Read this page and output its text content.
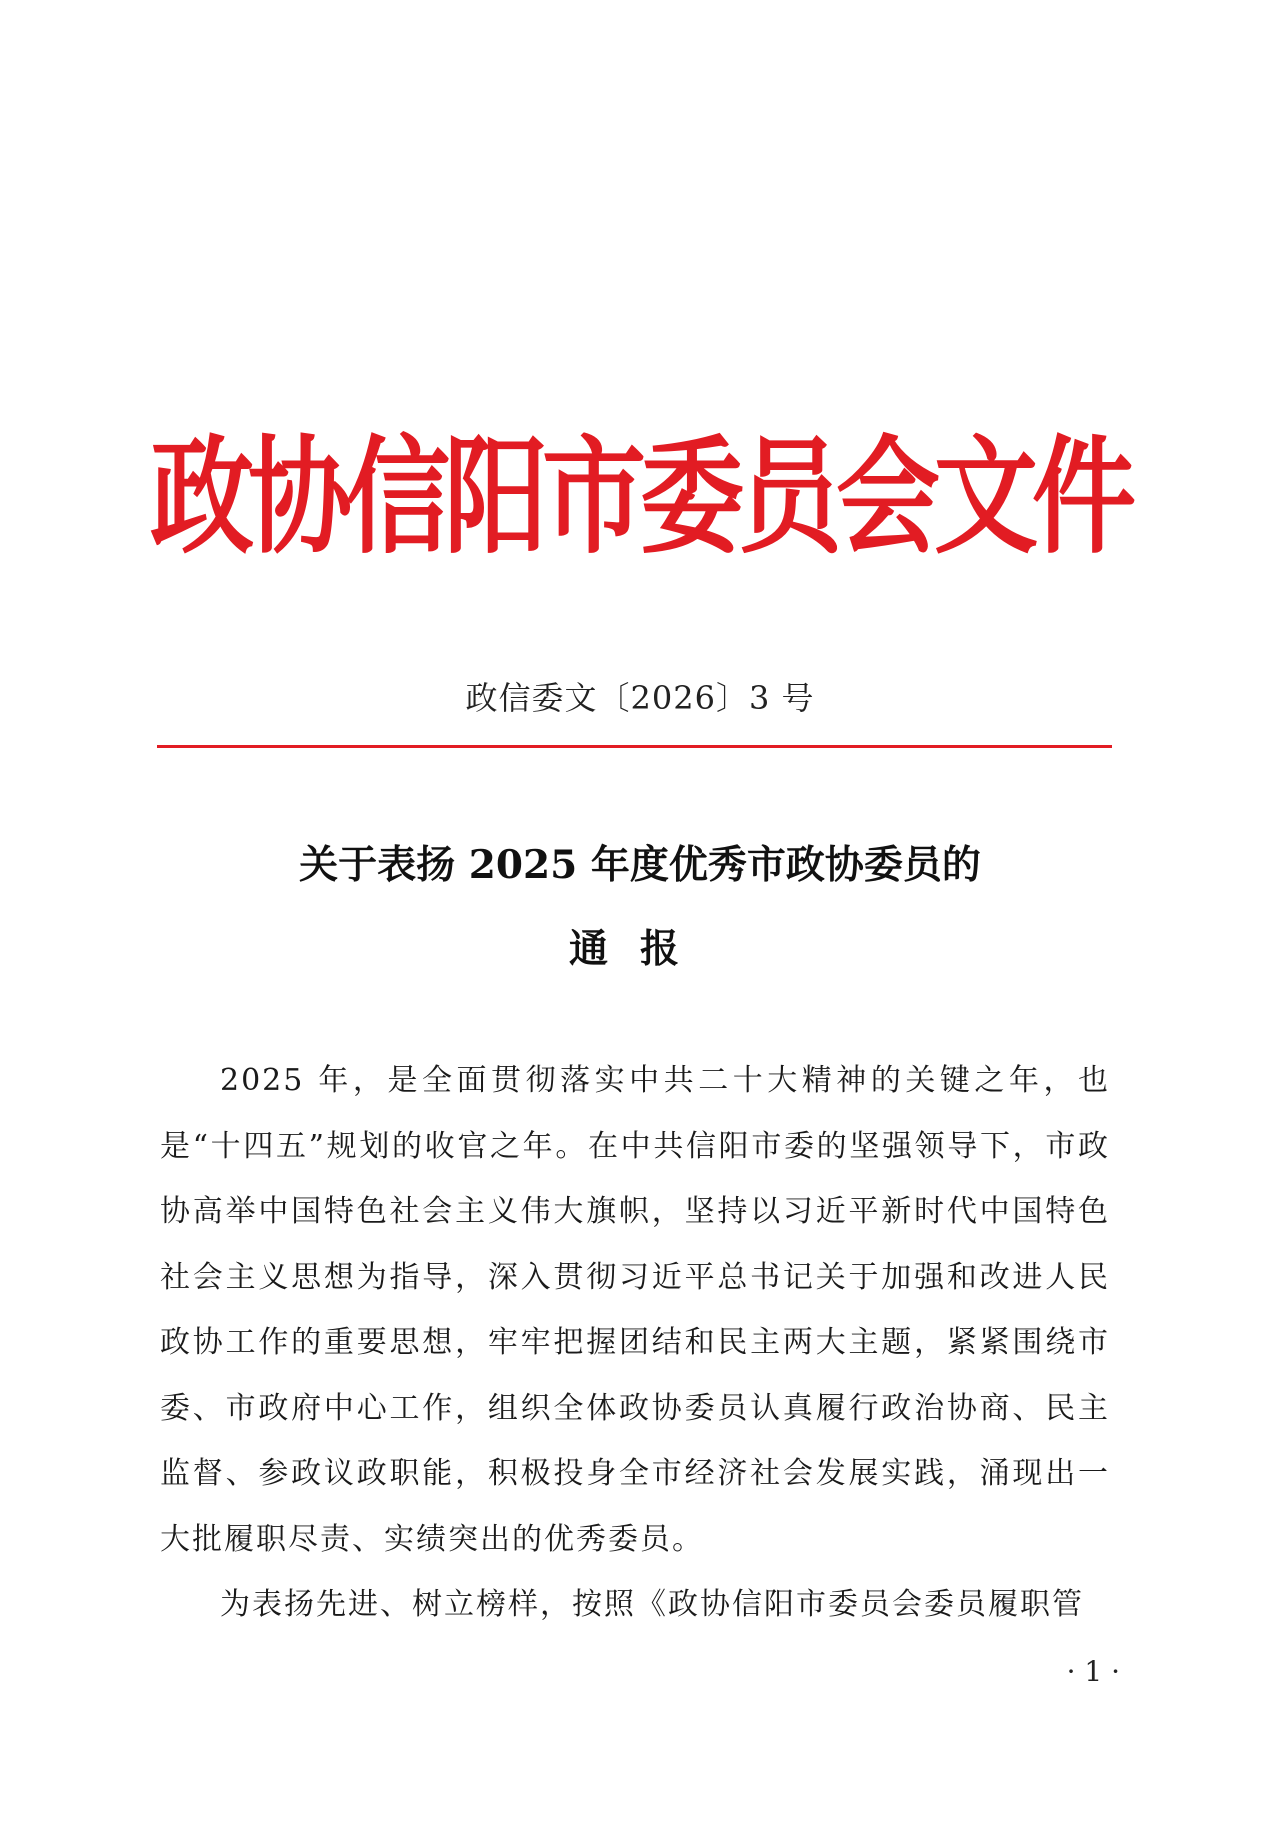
政协信阳市委员会文件
政信委文〔2026〕3 号
关于表扬 2025 年度优秀市政协委员的
通报

2025 年，是全面贯彻落实中共二十大精神的关键之年，也是“十四五”规划的收官之年。在中共信阳市委的坚强领导下，市政协高举中国特色社会主义伟大旗帜，坚持以习近平新时代中国特色社会主义思想为指导，深入贯彻习近平总书记关于加强和改进人民政协工作的重要思想，牢牢把握团结和民主两大主题，紧紧围绕市委、市政府中心工作，组织全体政协委员认真履行政治协商、民主监督、参政议政职能，积极投身全市经济社会发展实践，涌现出一大批履职尽责、实绩突出的优秀委员。

为表扬先进、树立榜样，按照《政协信阳市委员会委员履职管

· 1 ·
